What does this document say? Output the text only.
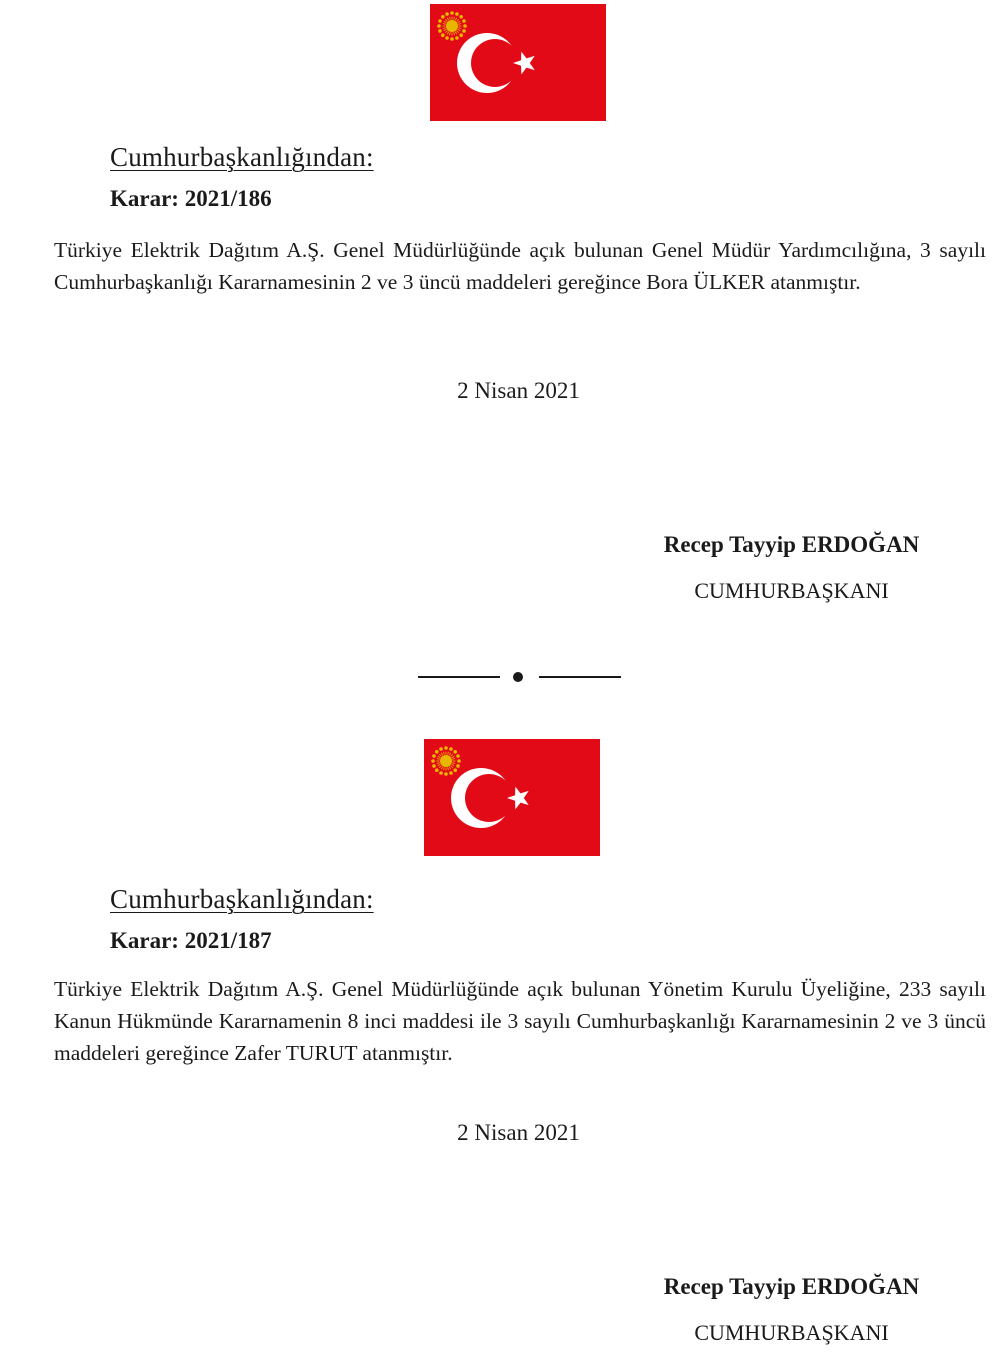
Cumhurbaşkanlığından:
Karar: 2021/186
Türkiye Elektrik Dağıtım A.Ş. Genel Müdürlüğünde açık bulunan Genel Müdür Yardımcılığına, 3 sayılı Cumhurbaşkanlığı Kararnamesinin 2 ve 3 üncü maddeleri gereğince Bora ÜLKER atanmıştır.
2 Nisan 2021
Recep Tayyip ERDOĞAN
CUMHURBAŞKANI
Cumhurbaşkanlığından:
Karar: 2021/187
Türkiye Elektrik Dağıtım A.Ş. Genel Müdürlüğünde açık bulunan Yönetim Kurulu Üyeliğine, 233 sayılı Kanun Hükmünde Kararnamenin 8 inci maddesi ile 3 sayılı Cumhurbaşkanlığı Kararnamesinin 2 ve 3 üncü maddeleri gereğince Zafer TURUT atanmıştır.
2 Nisan 2021
Recep Tayyip ERDOĞAN
CUMHURBAŞKANI
